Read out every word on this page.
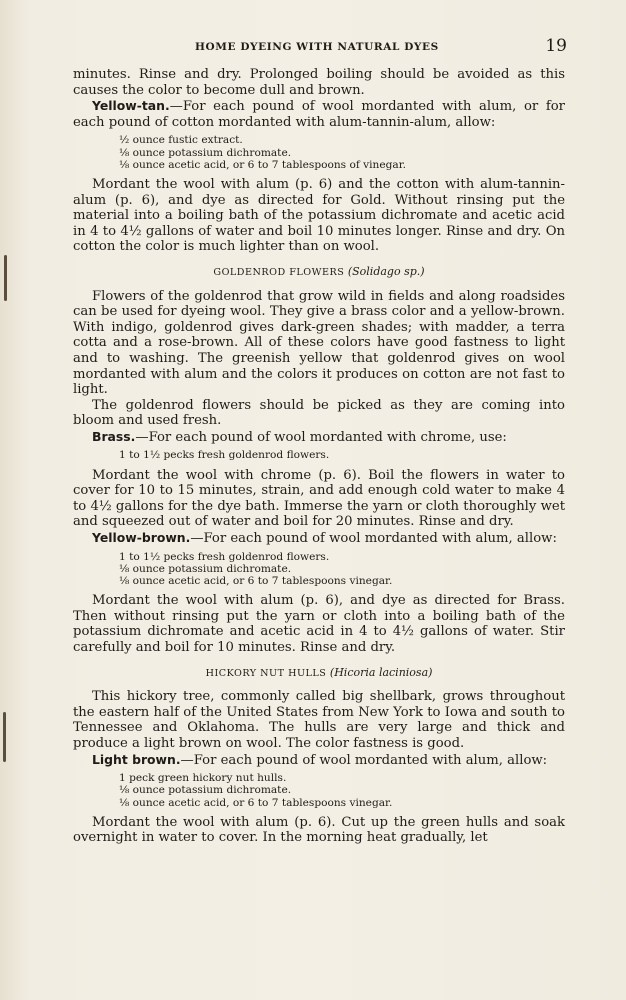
HOME DYEING WITH NATURAL DYES	19

minutes. Rinse and dry. Prolonged boiling should be avoided as this causes the color to become dull and brown.

Yellow-tan.—For each pound of wool mordanted with alum, or for each pound of cotton mordanted with alum-tannin-alum, allow:

½ ounce fustic extract.
⅛ ounce potassium dichromate.
⅛ ounce acetic acid, or 6 to 7 tablespoons of vinegar.

Mordant the wool with alum (p. 6) and the cotton with alum-tannin-alum (p. 6), and dye as directed for Gold. Without rinsing put the material into a boiling bath of the potassium dichromate and acetic acid in 4 to 4½ gallons of water and boil 10 minutes longer. Rinse and dry. On cotton the color is much lighter than on wool.

GOLDENROD FLOWERS (Solidago sp.)

Flowers of the goldenrod that grow wild in fields and along roadsides can be used for dyeing wool. They give a brass color and a yellow-brown. With indigo, goldenrod gives dark-green shades; with madder, a terra cotta and a rose-brown. All of these colors have good fastness to light and to washing. The greenish yellow that goldenrod gives on wool mordanted with alum and the colors it produces on cotton are not fast to light.

The goldenrod flowers should be picked as they are coming into bloom and used fresh.

Brass.—For each pound of wool mordanted with chrome, use:

1 to 1½ pecks fresh goldenrod flowers.

Mordant the wool with chrome (p. 6). Boil the flowers in water to cover for 10 to 15 minutes, strain, and add enough cold water to make 4 to 4½ gallons for the dye bath. Immerse the yarn or cloth thoroughly wet and squeezed out of water and boil for 20 minutes. Rinse and dry.

Yellow-brown.—For each pound of wool mordanted with alum, allow:

1 to 1½ pecks fresh goldenrod flowers.
⅛ ounce potassium dichromate.
⅛ ounce acetic acid, or 6 to 7 tablespoons vinegar.

Mordant the wool with alum (p. 6), and dye as directed for Brass. Then without rinsing put the yarn or cloth into a boiling bath of the potassium dichromate and acetic acid in 4 to 4½ gallons of water. Stir carefully and boil for 10 minutes. Rinse and dry.

HICKORY NUT HULLS (Hicoria laciniosa)

This hickory tree, commonly called big shellbark, grows throughout the eastern half of the United States from New York to Iowa and south to Tennessee and Oklahoma. The hulls are very large and thick and produce a light brown on wool. The color fastness is good.

Light brown.—For each pound of wool mordanted with alum, allow:

1 peck green hickory nut hulls.
⅛ ounce potassium dichromate.
⅛ ounce acetic acid, or 6 to 7 tablespoons vinegar.

Mordant the wool with alum (p. 6). Cut up the green hulls and soak overnight in water to cover. In the morning heat gradually, let
